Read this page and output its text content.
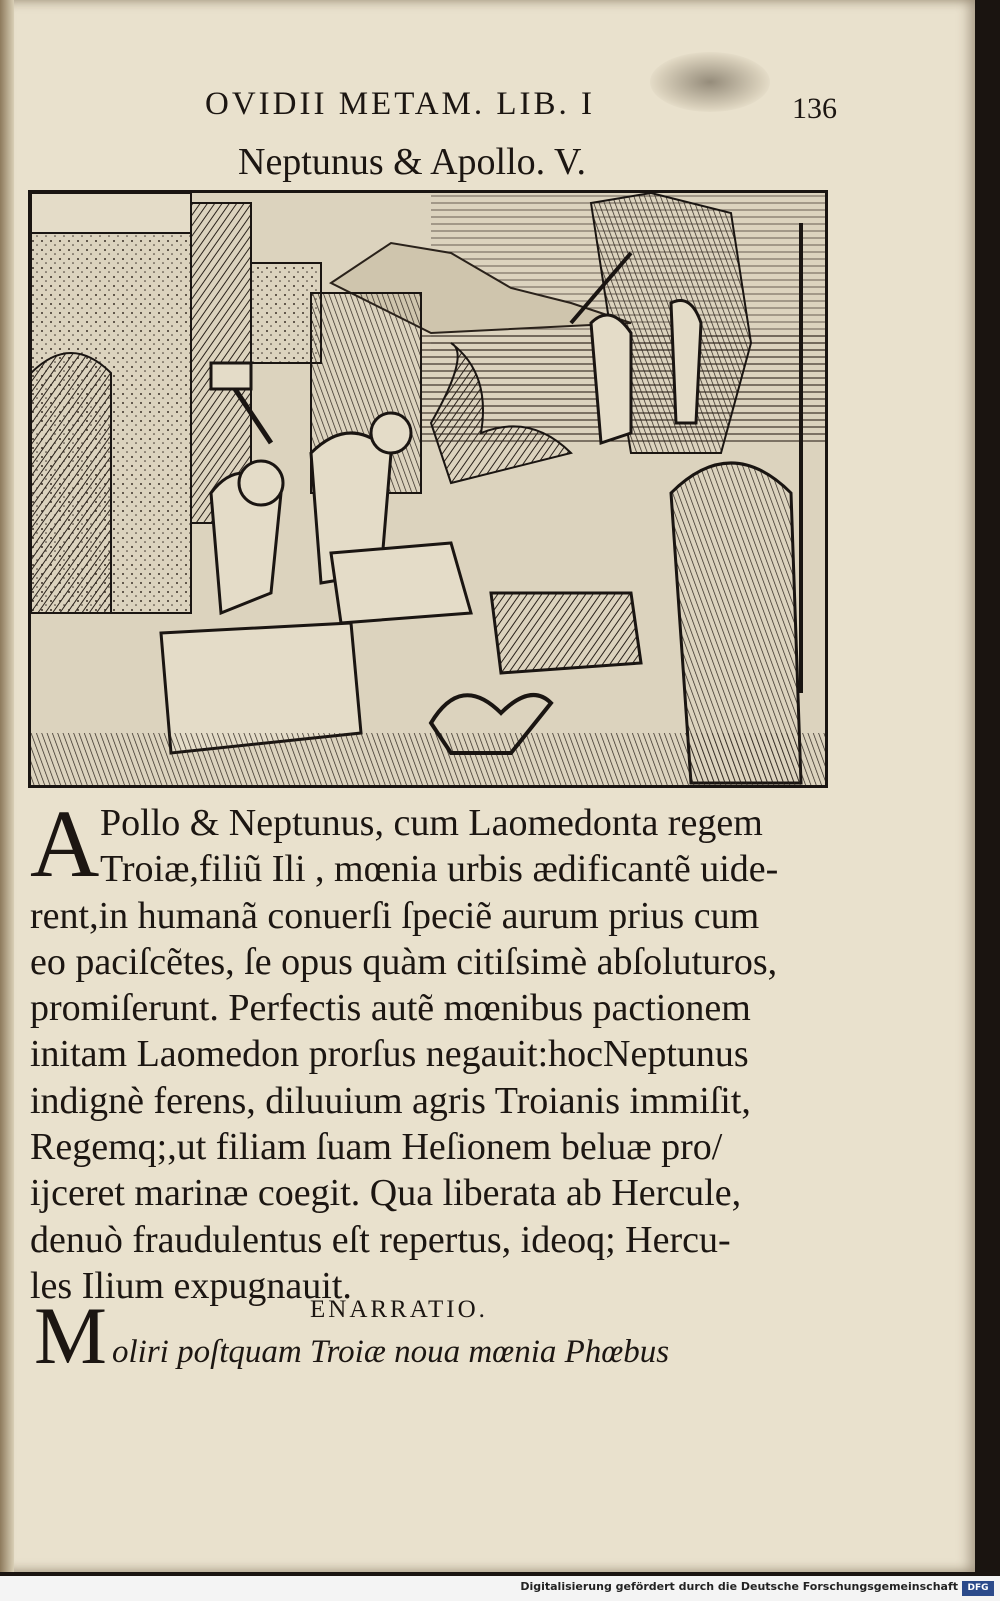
OVIDII METAM. LIB. I	136
Neptunus & Apollo. V.
A Pollo & Neptunus, cum Laomedonta regem
Troiæ,filiũ Ili , mœnia urbis ædificantẽ uide-
rent,in humanã conuerſi ſpeciẽ aurum prius cum
eo paciſcẽtes, ſe opus quàm citiſsimè abſoluturos,
promiſerunt. Perfectis autẽ mœnibus pactionem
initam Laomedon prorſus negauit:hocNeptunus
indignè ferens, diluuium agris Troianis immiſit,
Regemq;,ut filiam ſuam Heſionem beluæ pro/
ijceret marinæ coegit. Qua liberata ab Hercule,
denuò fraudulentus eſt repertus, ideoq; Hercu-
les Ilium expugnauit.
ENARRATIO.
M oliri poſtquam Troiæ noua mœnia Phœbus
Digitalisierung gefördert durch die Deutsche Forschungsgemeinschaft	DFG
